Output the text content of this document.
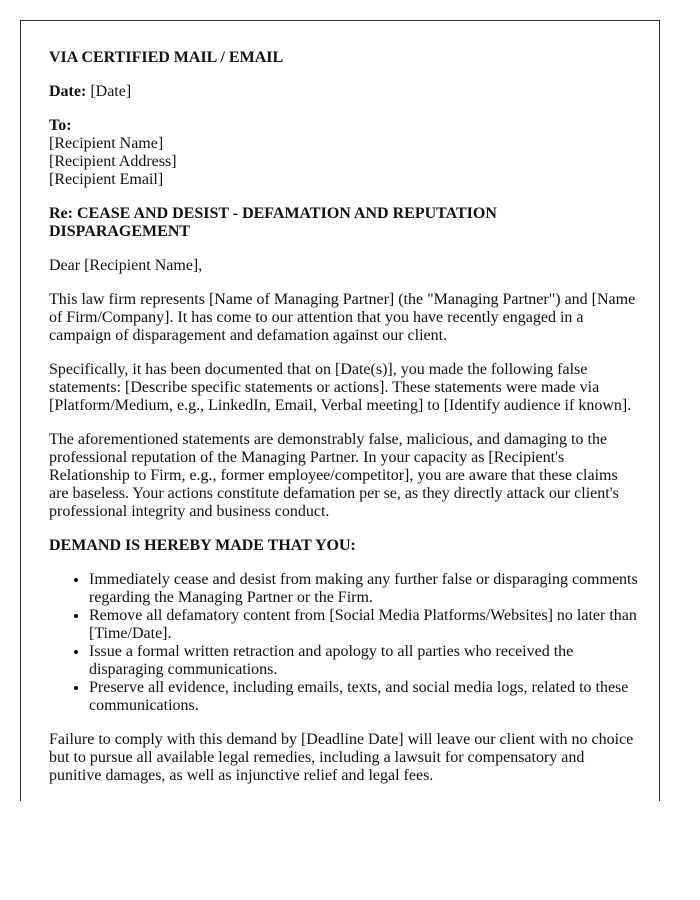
VIA CERTIFIED MAIL / EMAIL

Date: [Date]

To:
[Recipient Name]
[Recipient Address]
[Recipient Email]

Re: CEASE AND DESIST - DEFAMATION AND REPUTATION DISPARAGEMENT

Dear [Recipient Name],

This law firm represents [Name of Managing Partner] (the "Managing Partner") and [Name of Firm/Company]. It has come to our attention that you have recently engaged in a campaign of disparagement and defamation against our client.

Specifically, it has been documented that on [Date(s)], you made the following false statements: [Describe specific statements or actions]. These statements were made via [Platform/Medium, e.g., LinkedIn, Email, Verbal meeting] to [Identify audience if known].

The aforementioned statements are demonstrably false, malicious, and damaging to the professional reputation of the Managing Partner. In your capacity as [Recipient's Relationship to Firm, e.g., former employee/competitor], you are aware that these claims are baseless. Your actions constitute defamation per se, as they directly attack our client's professional integrity and business conduct.

DEMAND IS HEREBY MADE THAT YOU:

• Immediately cease and desist from making any further false or disparaging comments regarding the Managing Partner or the Firm.
• Remove all defamatory content from [Social Media Platforms/Websites] no later than [Time/Date].
• Issue a formal written retraction and apology to all parties who received the disparaging communications.
• Preserve all evidence, including emails, texts, and social media logs, related to these communications.

Failure to comply with this demand by [Deadline Date] will leave our client with no choice but to pursue all available legal remedies, including a lawsuit for compensatory and punitive damages, as well as injunctive relief and legal fees.
